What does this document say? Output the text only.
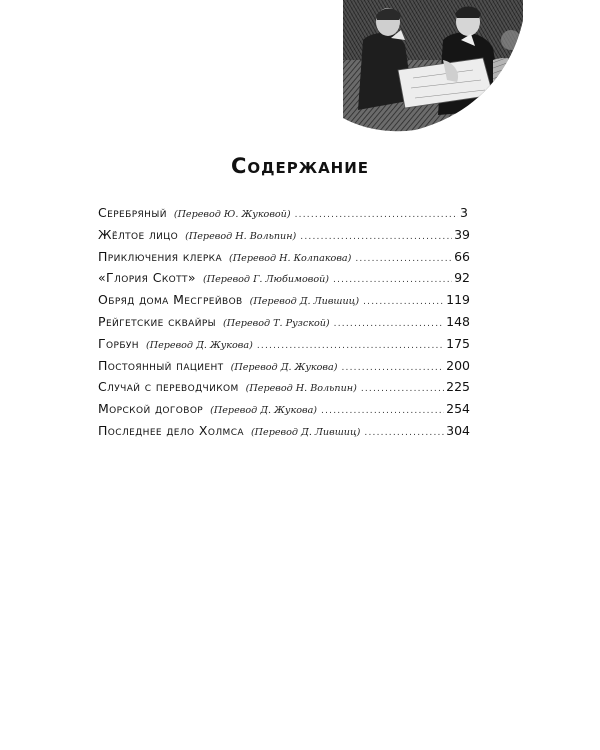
Содержание
Серебряный (Перевод Ю. Жуковой) .....	3
Жёлтое лицо (Перевод Н. Вольпин) .....	39
Приключения клерка (Перевод Н. Колпакова) .....	66
«Глория Скотт» (Перевод Г. Любимовой) .....	92
Обряд дома Месгрейвов (Перевод Д. Лившиц) .....	119
Рейгетские сквайры (Перевод Т. Рузской) .....	148
Горбун (Перевод Д. Жукова) .....	175
Постоянный пациент (Перевод Д. Жукова) .....	200
Случай с переводчиком (Перевод Н. Вольпин) .....	225
Морской договор (Перевод Д. Жукова) .....	254
Последнее дело Холмса (Перевод Д. Лившиц) .....	304
